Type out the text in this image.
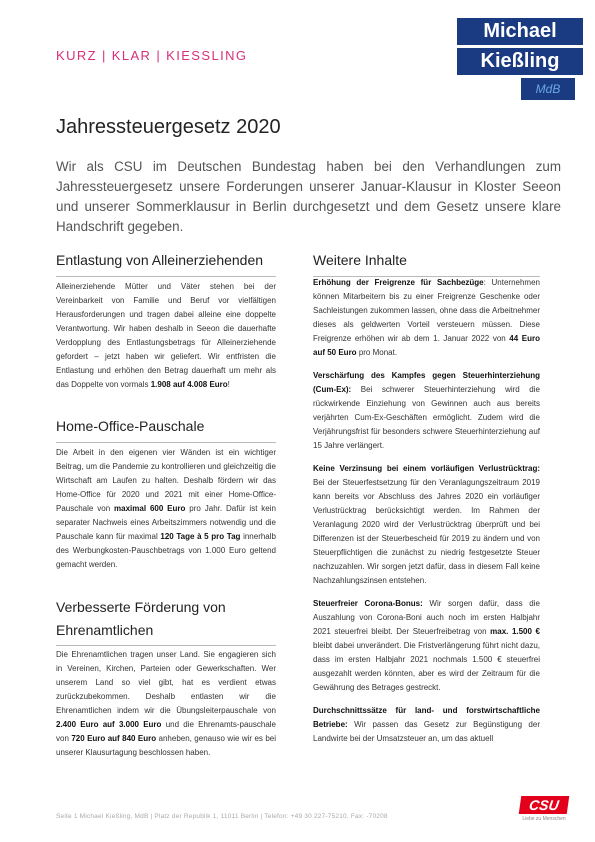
KURZ | KLAR | KIESSLING
Michael
Kießling
MdB
Jahressteuergesetz 2020
Wir als CSU im Deutschen Bundestag haben bei den Verhandlungen zum Jahressteuergesetz unsere Forderungen unserer Januar-Klausur in Kloster Seeon und unserer Sommerklausur in Berlin durchgesetzt und dem Gesetz unsere klare Handschrift gegeben.
Entlastung von Alleinerziehenden
Alleinerziehende Mütter und Väter stehen bei der Vereinbarkeit von Familie und Beruf vor vielfältigen Herausforderungen und tragen dabei alleine eine doppelte Verantwortung. Wir haben deshalb in Seeon die dauerhafte Verdopplung des Entlastungsbetrags für Alleinerziehende gefordert – jetzt haben wir geliefert. Wir entfristen die Entlastung und erhöhen den Betrag dauerhaft um mehr als das Doppelte von vormals 1.908 auf 4.008 Euro!
Home-Office-Pauschale
Die Arbeit in den eigenen vier Wänden ist ein wichtiger Beitrag, um die Pandemie zu kontrollieren und gleichzeitig die Wirtschaft am Laufen zu halten. Deshalb fördern wir das Home-Office für 2020 und 2021 mit einer Home-Office-Pauschale von maximal 600 Euro pro Jahr. Dafür ist kein separater Nachweis eines Arbeitszimmers notwendig und die Pauschale kann für maximal 120 Tage à 5 pro Tag innerhalb des Werbungkosten-Pauschbetrags von 1.000 Euro geltend gemacht werden.
Verbesserte Förderung von Ehrenamtlichen
Die Ehrenamtlichen tragen unser Land. Sie engagieren sich in Vereinen, Kirchen, Parteien oder Gewerkschaften. Wer unserem Land so viel gibt, hat es verdient etwas zurückzubekommen. Deshalb entlasten wir die Ehrenamtlichen indem wir die Übungsleiterpauschale von 2.400 Euro auf 3.000 Euro und die Ehrenamts-pauschale von 720 Euro auf 840 Euro anheben, genauso wie wir es bei unserer Klausurtagung beschlossen haben.
Weitere Inhalte

Erhöhung der Freigrenze für Sachbezüge: Unternehmen können Mitarbeitern bis zu einer Freigrenze Geschenke oder Sachleistungen zukommen lassen, ohne dass die Arbeitnehmer dieses als geldwerten Vorteil versteuern müssen. Diese Freigrenze erhöhen wir ab dem 1. Januar 2022 von 44 Euro auf 50 Euro pro Monat.

Verschärfung des Kampfes gegen Steuerhinterziehung (Cum-Ex): Bei schwerer Steuerhinterziehung wird die rückwirkende Einziehung von Gewinnen auch aus bereits verjährten Cum-Ex-Geschäften ermöglicht. Zudem wird die Verjährungsfrist für besonders schwere Steuerhinterziehung auf 15 Jahre verlängert.

Keine Verzinsung bei einem vorläufigen Verlustrücktrag: Bei der Steuerfestsetzung für den Veranlagungszeitraum 2019 kann bereits vor Abschluss des Jahres 2020 ein vorläufiger Verlustrücktrag berücksichtigt werden. Im Rahmen der Veranlagung 2020 wird der Verlustrücktrag überprüft und bei Differenzen ist der Steuerbescheid für 2019 zu ändern und von Steuerpflichtigen die zunächst zu niedrig festgesetzte Steuer nachzuzahlen. Wir sorgen jetzt dafür, dass in diesem Fall keine Nachzahlungszinsen entstehen.

Steuerfreier Corona-Bonus: Wir sorgen dafür, dass die Auszahlung von Corona-Boni auch noch im ersten Halbjahr 2021 steuerfrei bleibt. Der Steuerfreibetrag von max. 1.500 € bleibt dabei unverändert. Die Fristverlängerung führt nicht dazu, dass im ersten Halbjahr 2021 nochmals 1.500 € steuerfrei ausgezahlt werden könnten, aber es wird der Zeitraum für die Gewährung des Betrages gestreckt.

Durchschnittssätze für land- und forstwirtschaftliche Betriebe: Wir passen das Gesetz zur Begünstigung der Landwirte bei der Umsatzsteuer an, um das aktuell

Seite 1 Michael Kießling, MdB | Platz der Republik 1, 11011 Berlin | Telefon: +49 30 227-75210, Fax: -70208
CSU
Liebe zu Menschen
